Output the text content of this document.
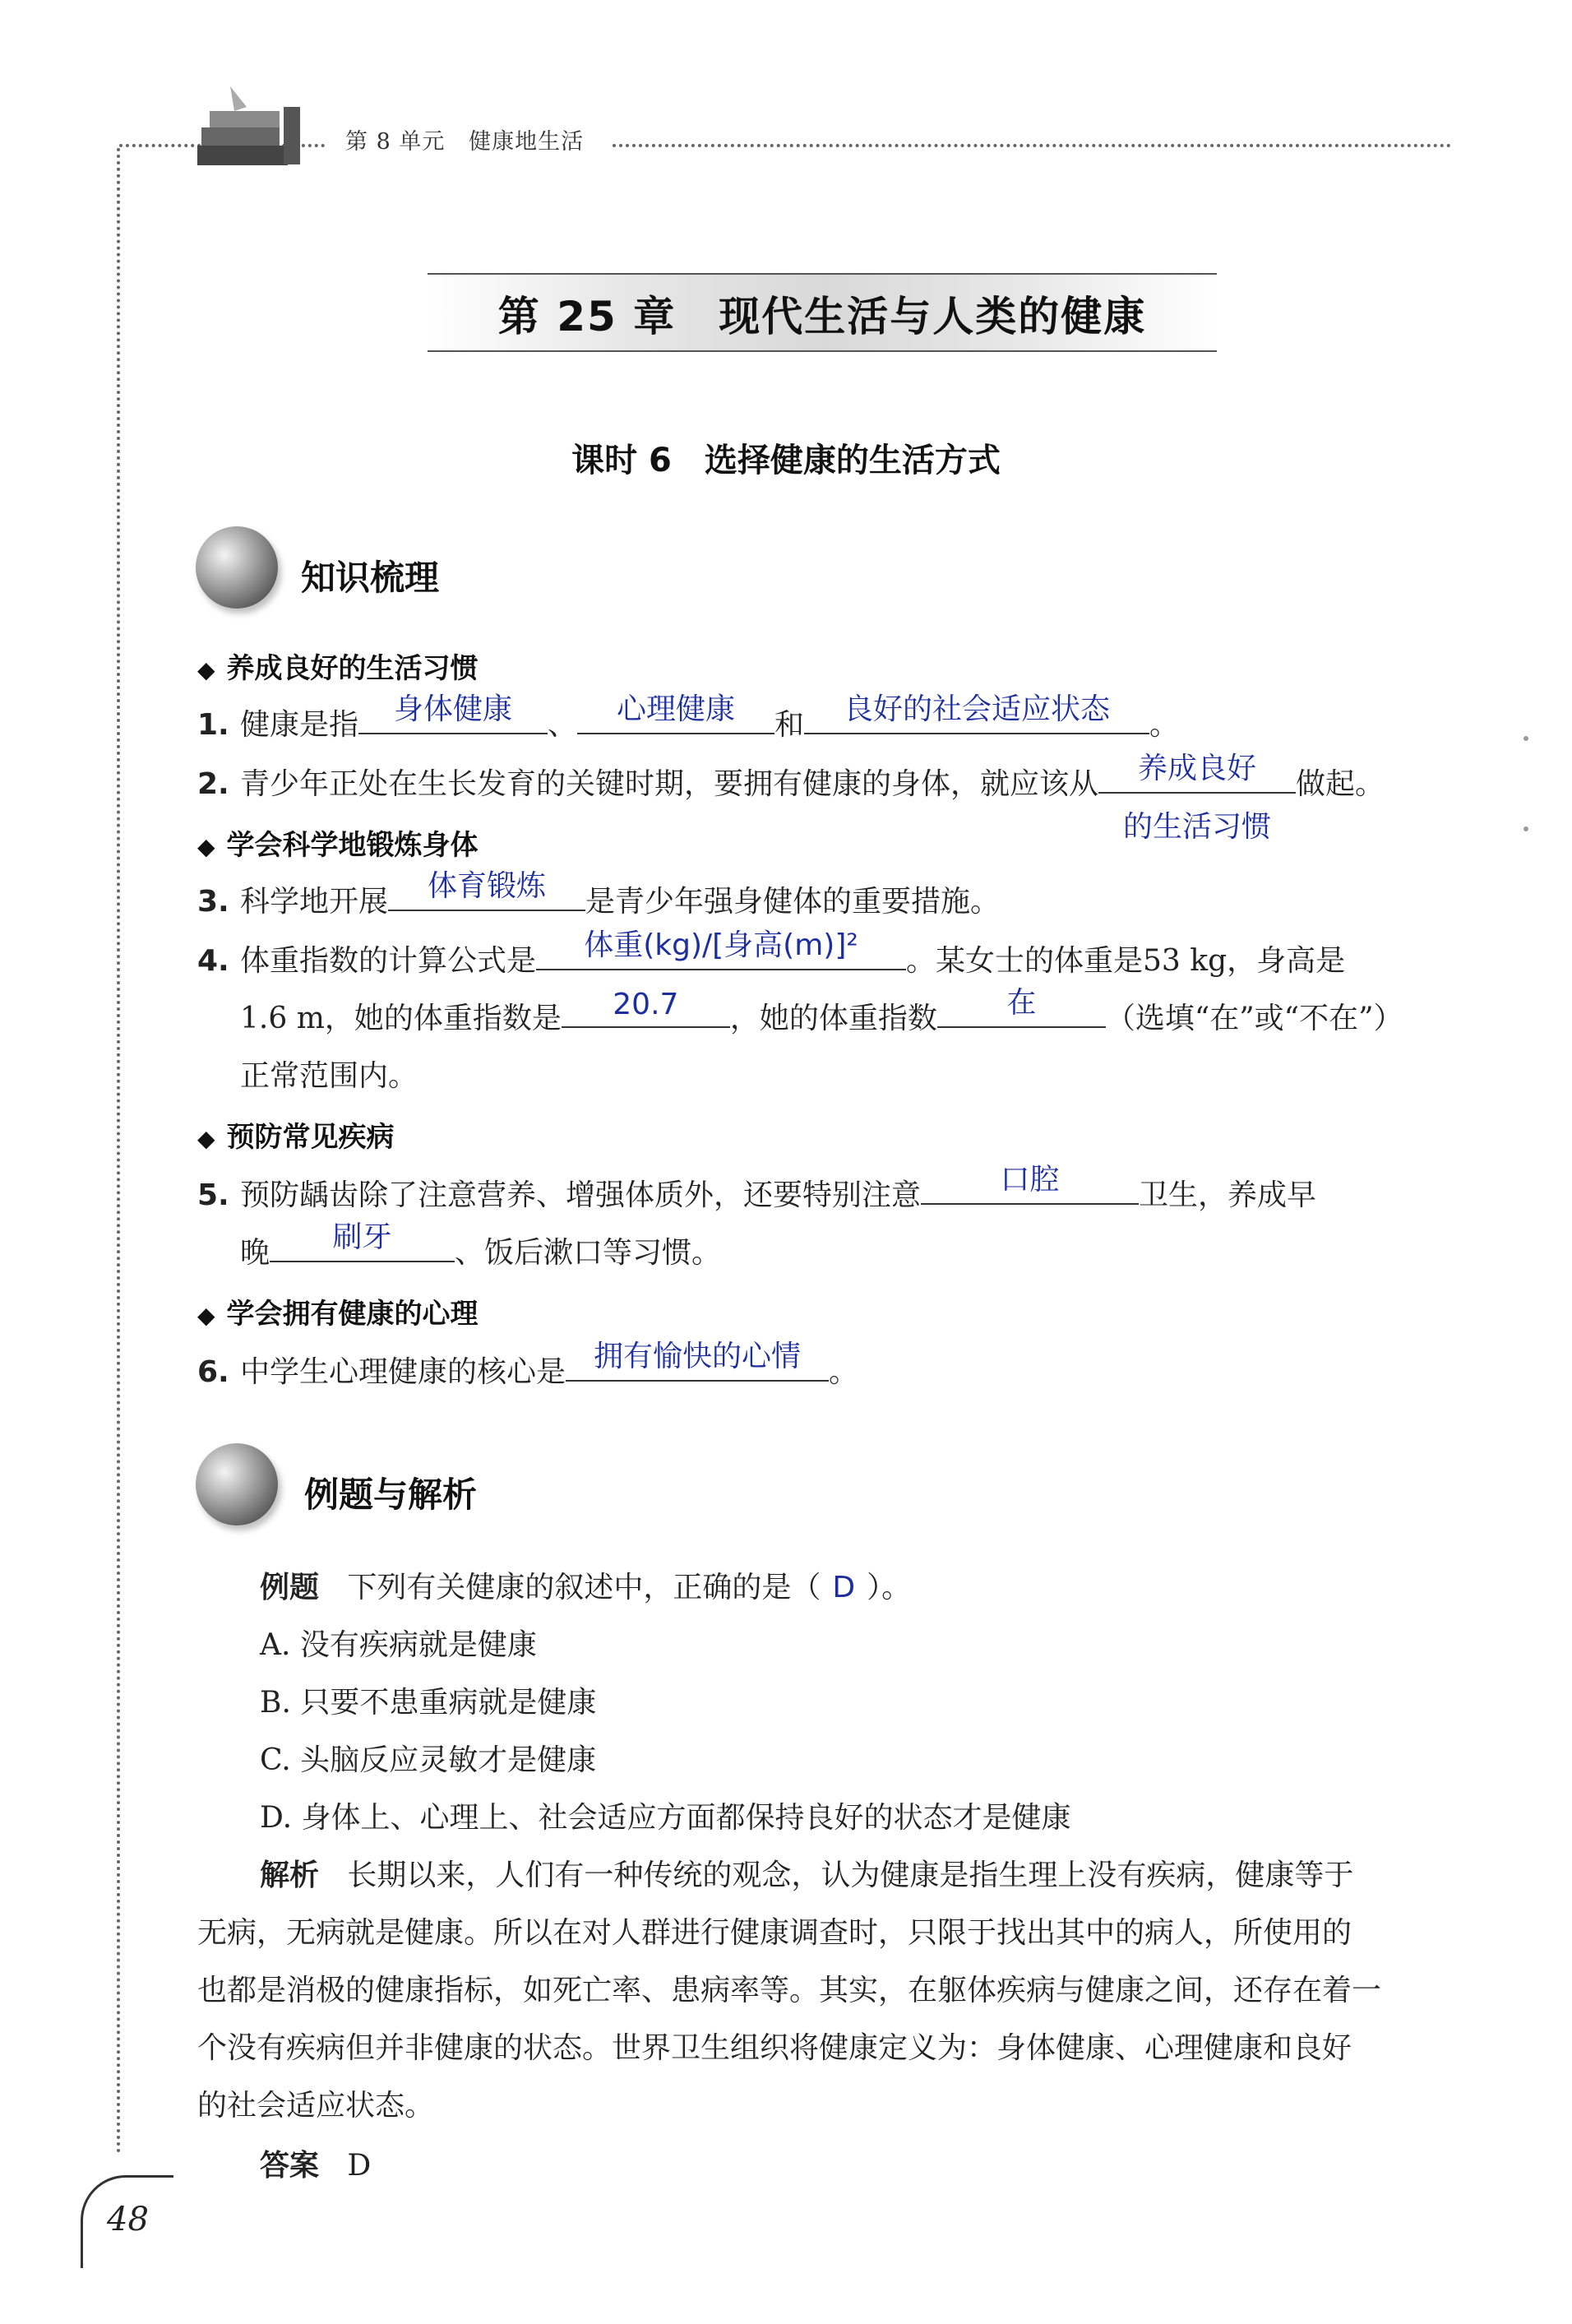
第 8 单元 健康地生活
第 25 章　现代生活与人类的健康
课时 6　选择健康的生活方式
知识梳理
◆ 养成良好的生活习惯
1. 健康是指	身体健康	、	心理健康	和	良好的社会适应状态	。
2. 青少年正处在生长发育的关键时期，要拥有健康的身体，就应该从	养成良好
的生活习惯
做起。
◆ 学会科学地锻炼身体
3. 科学地开展	体育锻炼	是青少年强身健体的重要措施。
4. 体重指数的计算公式是	体重(kg)/[身高(m)]²	。某女士的体重是53 kg，身高是
1.6 m，她的体重指数是	20.7	，她的体重指数	在	（选填“在”或“不在”）
正常范围内。
◆ 预防常见疾病
5. 预防龋齿除了注意营养、增强体质外，还要特别注意	口腔	卫生，养成早
晚	刷牙	、饭后漱口等习惯。
◆ 学会拥有健康的心理
6. 中学生心理健康的核心是 拥有愉快的心情 。
例题与解析
例题 下列有关健康的叙述中，正确的是（ D ）。
A. 没有疾病就是健康
B. 只要不患重病就是健康
C. 头脑反应灵敏才是健康
D. 身体上、心理上、社会适应方面都保持良好的状态才是健康
解析 长期以来，人们有一种传统的观念，认为健康是指生理上没有疾病，健康等于
无病，无病就是健康。所以在对人群进行健康调查时，只限于找出其中的病人，所使用的
也都是消极的健康指标，如死亡率、患病率等。其实，在躯体疾病与健康之间，还存在着一
个没有疾病但并非健康的状态。世界卫生组织将健康定义为：身体健康、心理健康和良好
的社会适应状态。
答案 D
48
